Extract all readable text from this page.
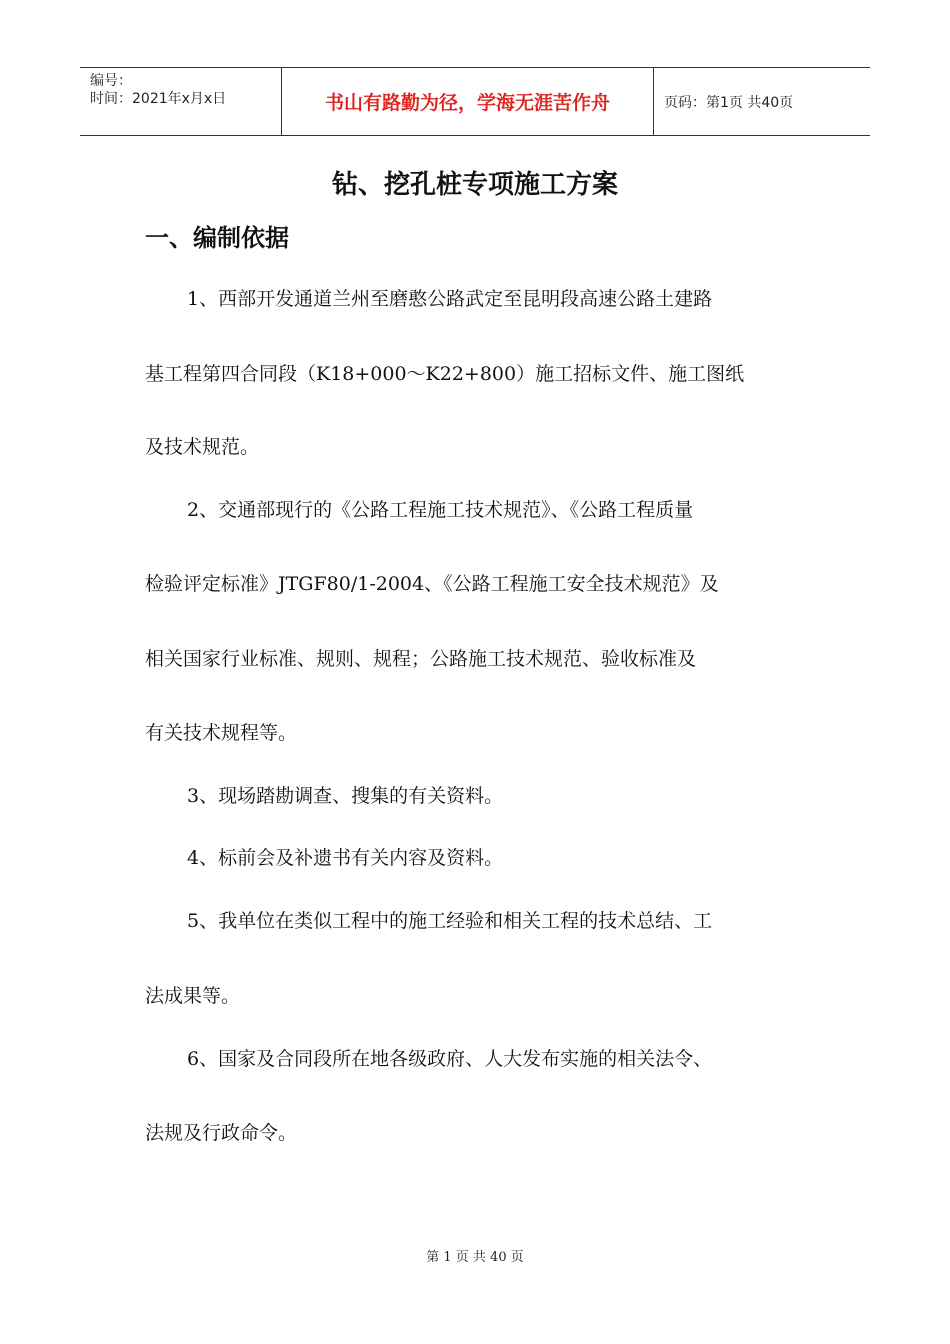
编号：
时间：2021年x月x日	书山有路勤为径，学海无涯苦作舟	页码：第1页 共40页
钻、挖孔桩专项施工方案
一、编制依据
1、西部开发通道兰州至磨憨公路武定至昆明段高速公路土建路
基工程第四合同段（K18+000～K22+800）施工招标文件、施工图纸
及技术规范。
2、交通部现行的《公路工程施工技术规范》、《公路工程质量
检验评定标准》JTGF80/1-2004、《公路工程施工安全技术规范》及
相关国家行业标准、规则、规程；公路施工技术规范、验收标准及
有关技术规程等。
3、现场踏勘调查、搜集的有关资料。
4、标前会及补遗书有关内容及资料。
5、我单位在类似工程中的施工经验和相关工程的技术总结、工
法成果等。
6、国家及合同段所在地各级政府、人大发布实施的相关法令、
法规及行政命令。
第 1 页 共 40 页
